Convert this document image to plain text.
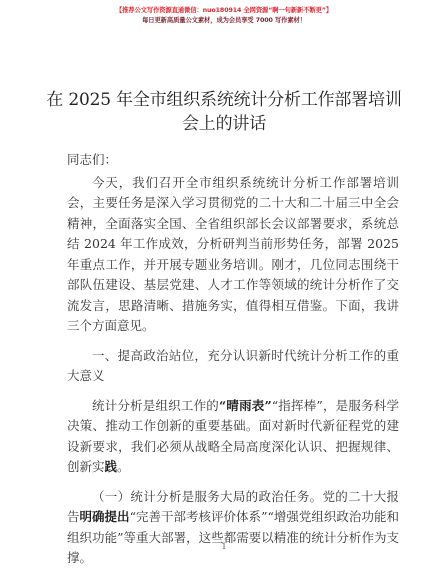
【推荐公文写作资源直通微信：nuo180914 全网资源“啊一句新新不断更”】
每日更新高质量公文素材，成为会员享受 7000 写作素材！
在 2025 年全市组织系统统计分析工作部署培训
会上的讲话

同志们：

今天，我们召开全市组织系统统计分析工作部署培训会，主要任务是深入学习贯彻党的二十大和二十届三中全会精神，全面落实全国、全省组织部长会议部署要求，系统总结 2024 年工作成效，分析研判当前形势任务，部署 2025 年重点工作，并开展专题业务培训。刚才，几位同志围绕干部队伍建设、基层党建、人才工作等领域的统计分析作了交流发言，思路清晰、措施务实，值得相互借鉴。下面，我讲三个方面意见。

一、提高政治站位，充分认识新时代统计分析工作的重大意义

统计分析是组织工作的“晴雨表”“指挥棒”，是服务科学决策、推动工作创新的重要基础。面对新时代新征程党的建设新要求，我们必须从战略全局高度深化认识、把握规律、创新实践。

（一）统计分析是服务大局的政治任务。党的二十大报告明确提出“完善干部考核评价体系”“增强党组织政治功能和组织功能”等重大部署，这些都需要以精准的统计分析作为支撑。

1
